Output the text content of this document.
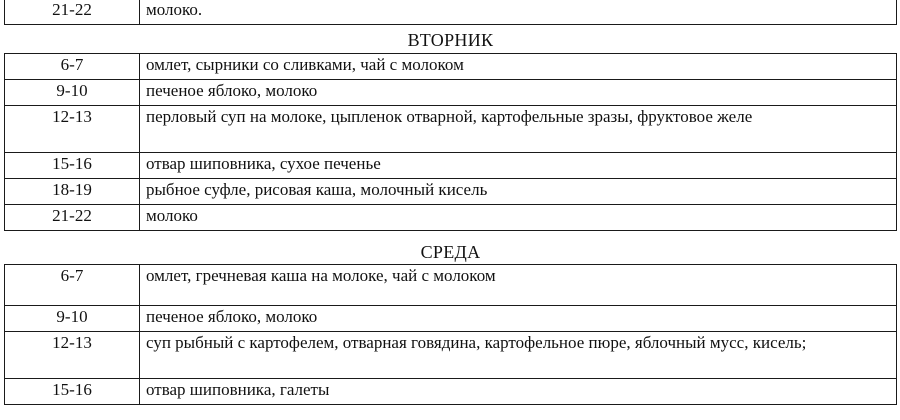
21-22	молоко.
ВТОРНИК
6-7	омлет, сырники со сливками, чай с молоком
9-10	печеное яблоко, молоко
12-13	перловый суп на молоке, цыпленок отварной, картофельные зразы, фруктовое желе
15-16	отвар шиповника, сухое печенье
18-19	рыбное суфле, рисовая каша, молочный кисель
21-22	молоко
СРЕДА
6-7	омлет, гречневая каша на молоке, чай с молоком
9-10	печеное яблоко, молоко
12-13	суп рыбный с картофелем, отварная говядина, картофельное пюре, яблочный мусс, кисель;
15-16	отвар шиповника, галеты
